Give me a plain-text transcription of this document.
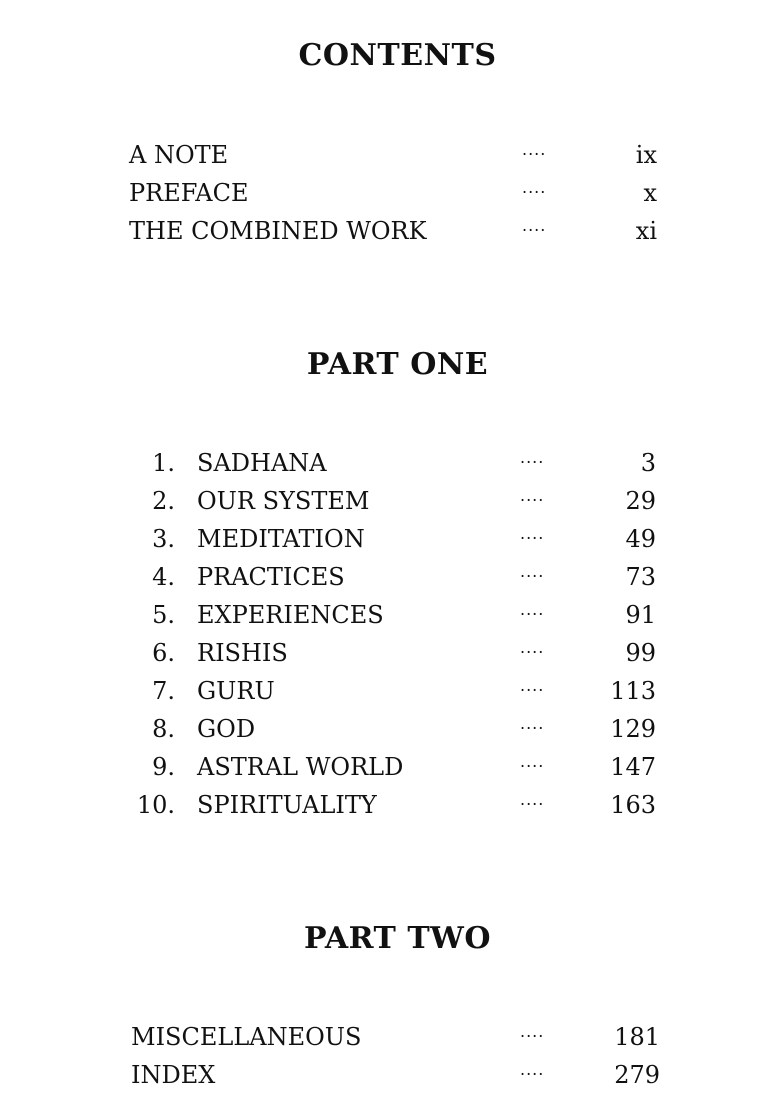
CONTENTS
A NOTE	....	ix
PREFACE	....	x
THE COMBINED WORK	....	xi
PART ONE
1. SADHANA	....	3
2. OUR SYSTEM	....	29
3. MEDITATION	....	49
4. PRACTICES	....	73
5. EXPERIENCES	....	91
6. RISHIS	....	99
7. GURU	....	113
8. GOD	....	129
9. ASTRAL WORLD	....	147
10. SPIRITUALITY	....	163
PART TWO
MISCELLANEOUS	....	181
INDEX	....	279
